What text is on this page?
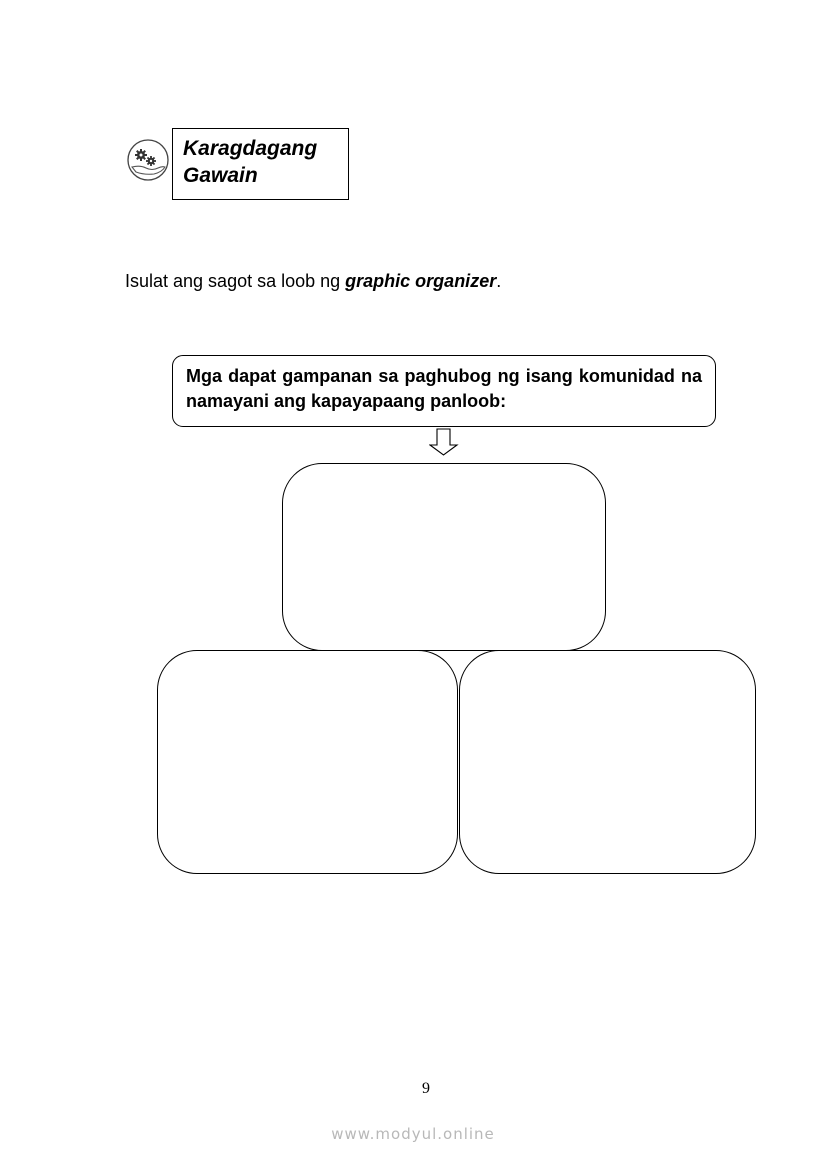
Karagdagang Gawain
Isulat ang sagot sa loob ng graphic organizer.

Mga dapat gampanan sa paghubog ng isang komunidad na namayani ang kapayapaang panloob:

9
www.modyul.online
